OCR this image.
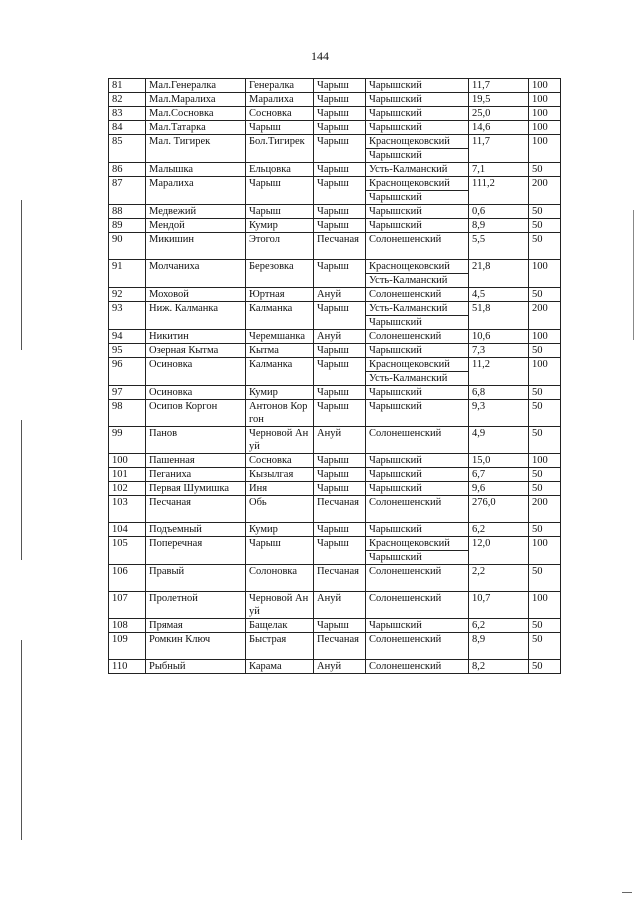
144
81	Мал.Генералка	Генералка	Чарыш	Чарышский	11,7	100
82	Мал.Маралиха	Маралиха	Чарыш	Чарышский	19,5	100
83	Мал.Сосновка	Сосновка	Чарыш	Чарышский	25,0	100
84	Мал.Татарка	Чарыш	Чарыш	Чарышский	14,6	100
85	Мал. Тигирек	Бол.Тигирек	Чарыш	Краснощековский	11,7	100
				Чарышский		
86	Малышка	Ельцовка	Чарыш	Усть-Калманский	7,1	50
87	Маралиха	Чарыш	Чарыш	Краснощековский	111,2	200
				Чарышский		
88	Медвежий	Чарыш	Чарыш	Чарышский	0,6	50
89	Мендой	Кумир	Чарыш	Чарышский	8,9	50
90	Микишин	Этогол	Песчаная	Солонешенский	5,5	50
91	Молчаниха	Березовка	Чарыш	Краснощековский	21,8	100
				Усть-Калманский		
92	Моховой	Юртная	Ануй	Солонешенский	4,5	50
93	Ниж. Калманка	Калманка	Чарыш	Усть-Калманский	51,8	200
				Чарышский		
94	Никитин	Черемшанка	Ануй	Солонешенский	10,6	100
95	Озерная Кытма	Кытма	Чарыш	Чарышский	7,3	50
96	Осиновка	Калманка	Чарыш	Краснощековский	11,2	100
				Усть-Калманский		
97	Осиновка	Кумир	Чарыш	Чарышский	6,8	50
98	Осипов Коргон	Антонов Коргон	Чарыш	Чарышский	9,3	50
99	Панов	Черновой Ануй	Ануй	Солонешенский	4,9	50
100	Пашенная	Сосновка	Чарыш	Чарышский	15,0	100
101	Пеганиха	Кызылгая	Чарыш	Чарышский	6,7	50
102	Первая Шумишка	Иня	Чарыш	Чарышский	9,6	50
103	Песчаная	Обь	Песчаная	Солонешенский	276,0	200
104	Подъемный	Кумир	Чарыш	Чарышский	6,2	50
105	Поперечная	Чарыш	Чарыш	Краснощековский	12,0	100
				Чарышский		
106	Правый	Солоновка	Песчаная	Солонешенский	2,2	50
107	Пролетной	Черновой Ануй	Ануй	Солонешенский	10,7	100
108	Прямая	Бащелак	Чарыш	Чарышский	6,2	50
109	Ромкин Ключ	Быстрая	Песчаная	Солонешенский	8,9	50
110	Рыбный	Карама	Ануй	Солонешенский	8,2	50
